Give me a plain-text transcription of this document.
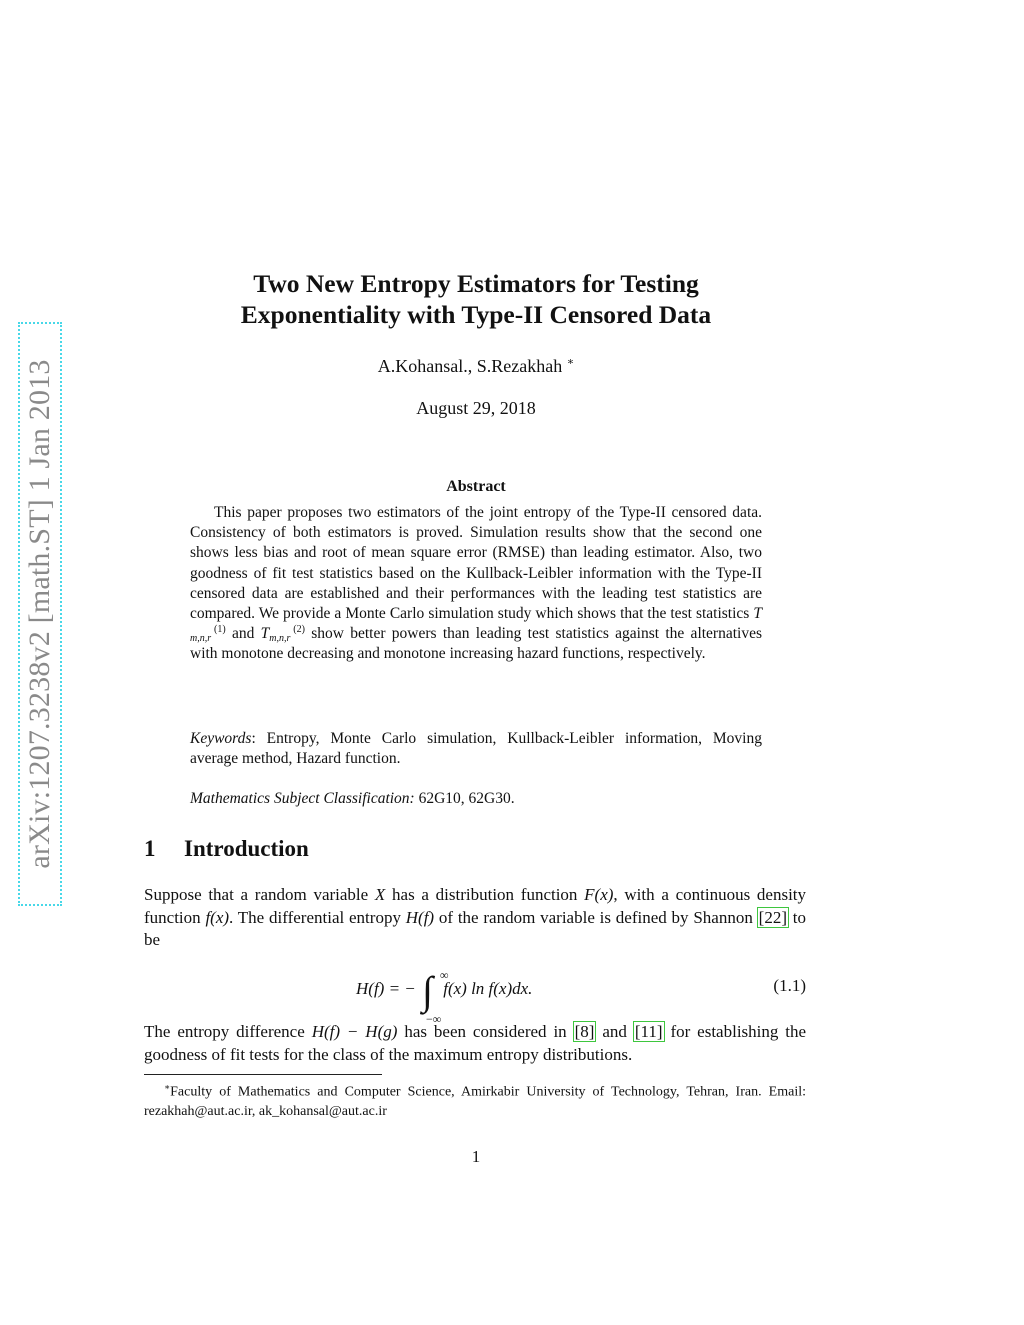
arXiv:1207.3238v2 [math.ST] 1 Jan 2013
Two New Entropy Estimators for Testing
Exponentiality with Type-II Censored Data
A.Kohansal., S.Rezakhah ∗
August 29, 2018
Abstract

This paper proposes two estimators of the joint entropy of the Type-II censored data. Consistency of both estimators is proved. Simulation results show that the second one shows less bias and root of mean square error (RMSE) than leading estimator. Also, two goodness of fit test statistics based on the Kullback-Leibler information with the Type-II censored data are established and their performances with the leading test statistics are compared. We provide a Monte Carlo simulation study which shows that the test statistics T
(1)
m,n,r and T	(2)
m,n,r show better powers than leading test statistics against the alternatives with monotone decreasing and monotone increasing hazard functions, respectively.

Keywords: Entropy, Monte Carlo simulation, Kullback-Leibler information, Moving average method, Hazard function.

Mathematics Subject Classification: 62G10, 62G30.

1 Introduction

Suppose that a random variable X has a distribution function F(x), with a continuous density function f(x). The differential entropy H(f) of the random variable is defined by Shannon [22] to be

H(f) = − ∫ ∞
−∞
f(x) ln f(x)dx.	(1.1)

The entropy difference H(f) − H(g) has been considered in [8] and [11] for establishing the goodness of fit tests for the class of the maximum entropy distributions.

∗Faculty of Mathematics and Computer Science, Amirkabir University of Technology, Tehran, Iran. Email: rezakhah@aut.ac.ir, ak_kohansal@aut.ac.ir

1
